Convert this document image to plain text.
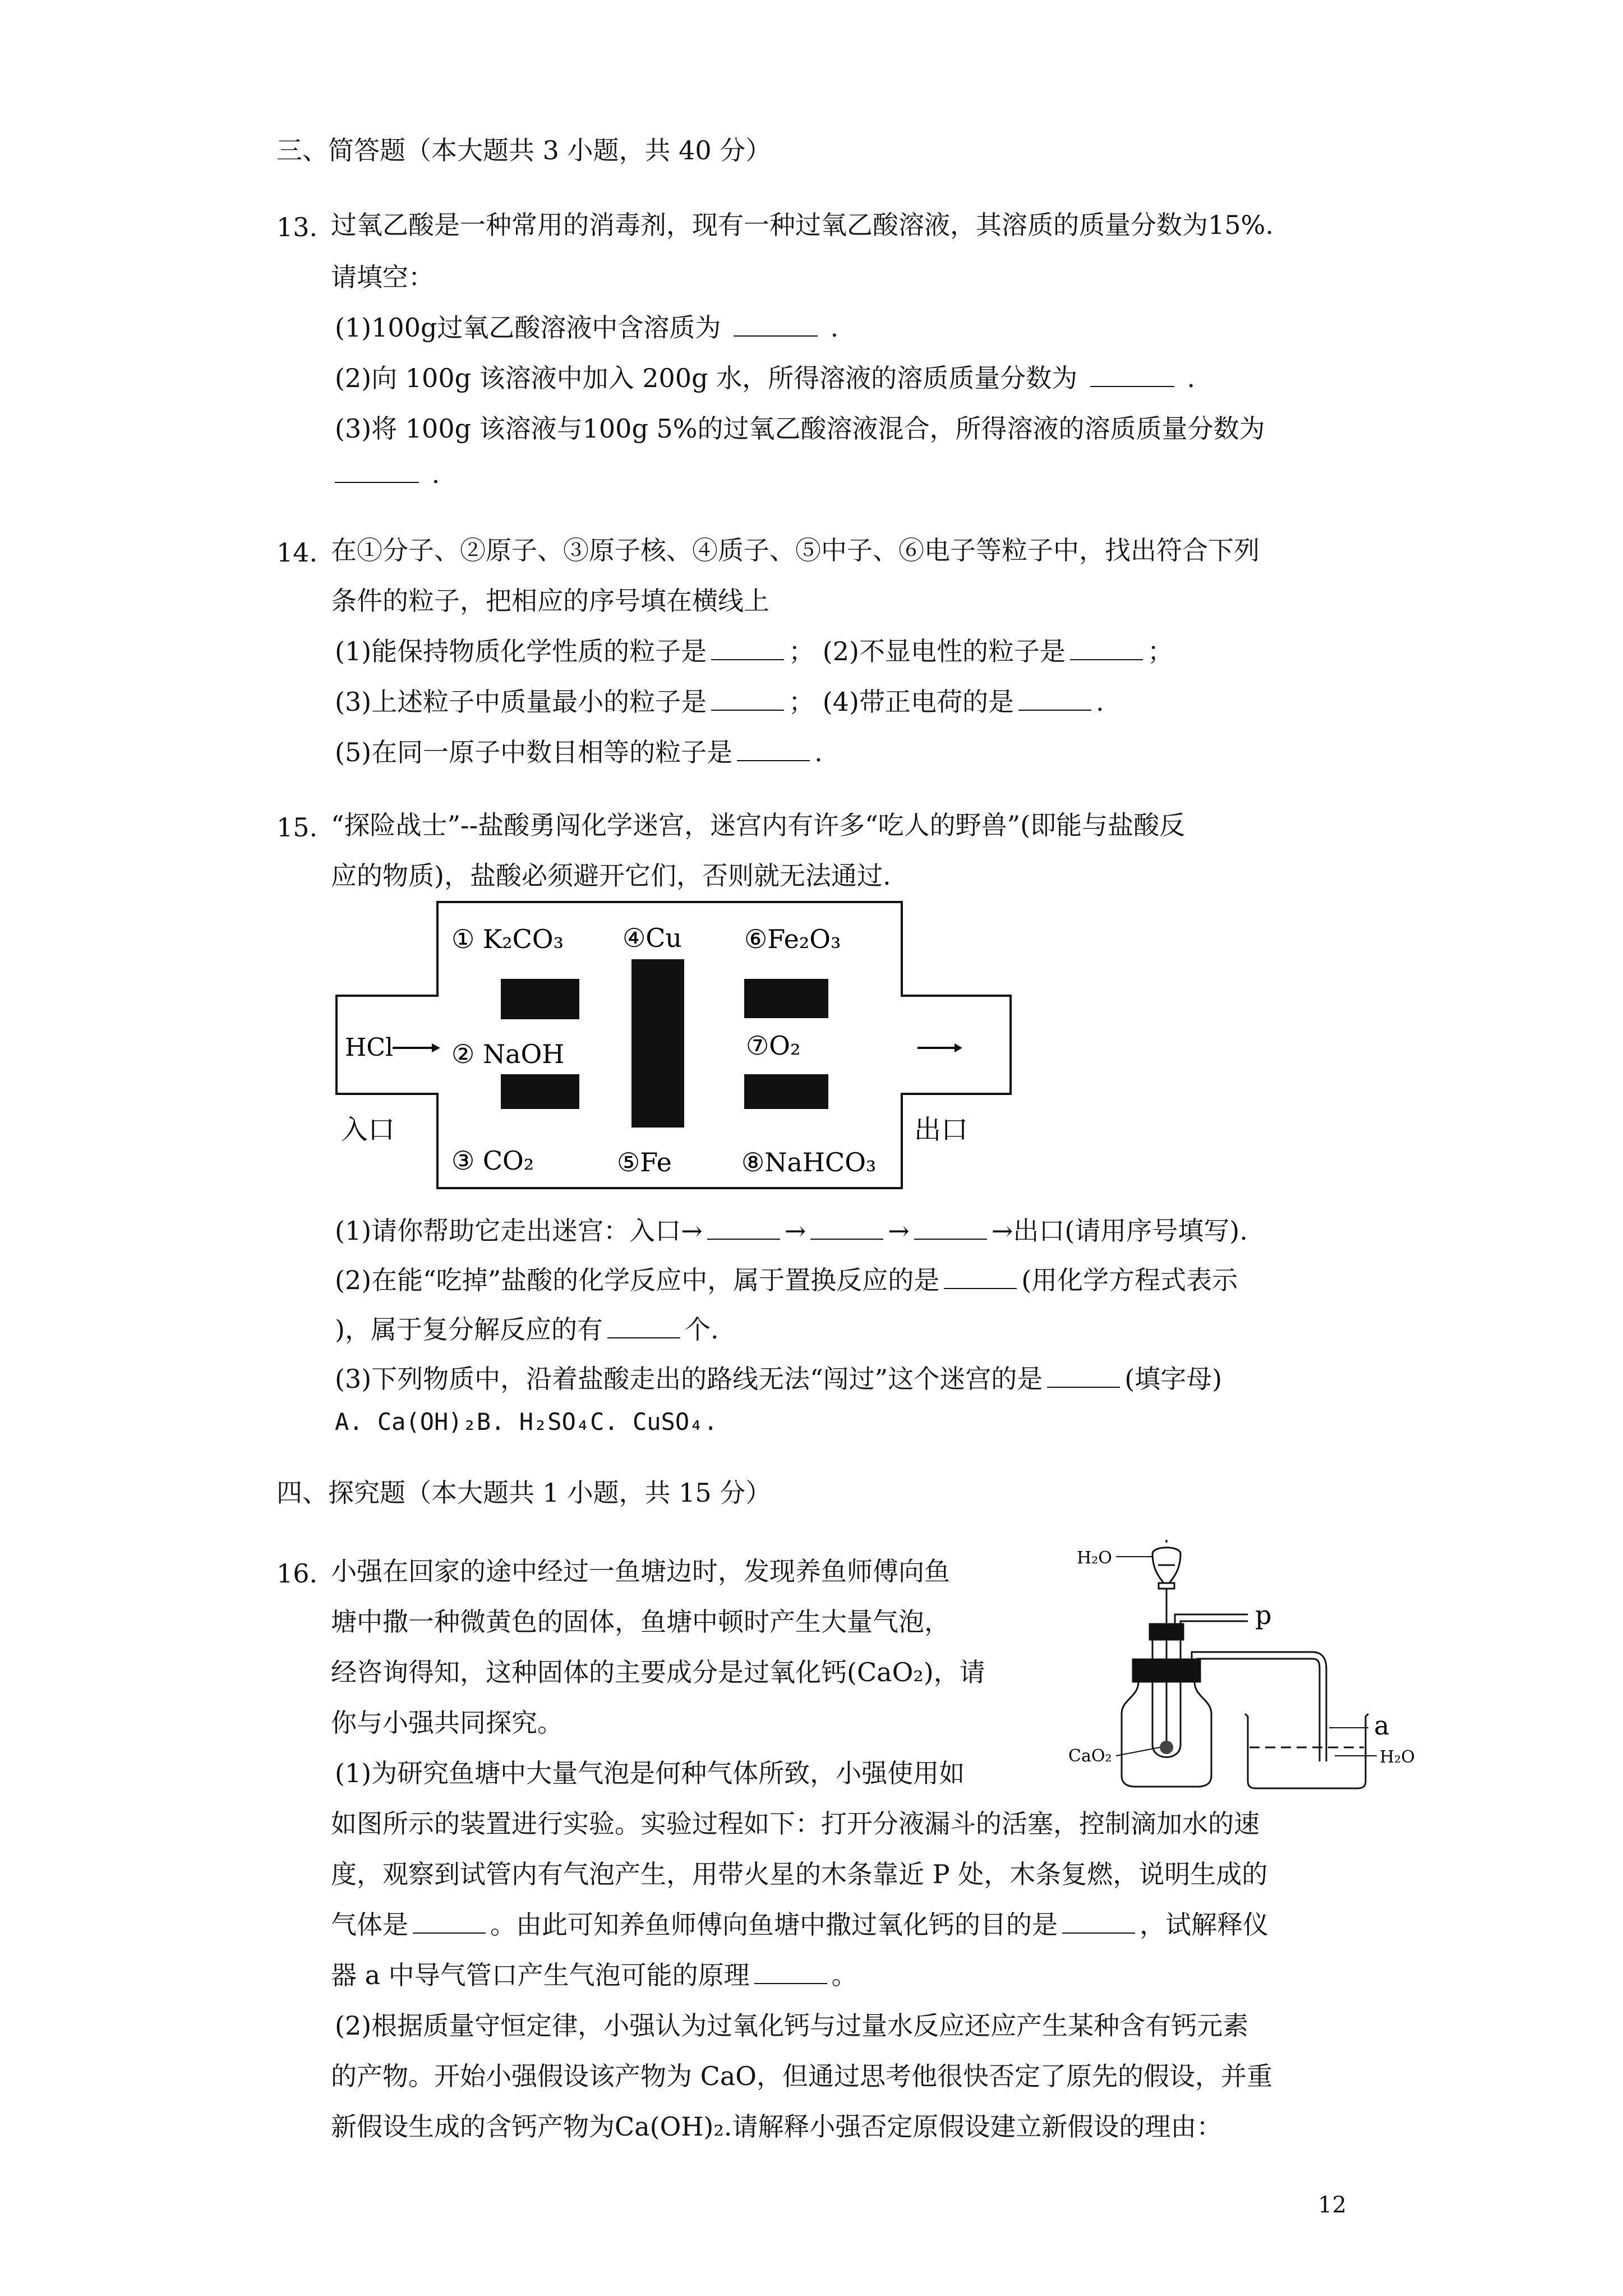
三、简答题（本大题共 3 小题，共 40 分）
13. 过氧乙酸是一种常用的消毒剂，现有一种过氧乙酸溶液，其溶质的质量分数为15%.
请填空：
(1)100g过氧乙酸溶液中含溶质为	.
(2)向 100g 该溶液中加入 200g 水，所得溶液的溶质质量分数为	.
(3)将 100g 该溶液与100g 5%的过氧乙酸溶液混合，所得溶液的溶质质量分数为
.
14. 在①分子、②原子、③原子核、④质子、⑤中子、⑥电子等粒子中，找出符合下列
条件的粒子，把相应的序号填在横线上
(1)能保持物质化学性质的粒子是	； (2)不显电性的粒子是	；
(3)上述粒子中质量最小的粒子是	； (4)带正电荷的是	.
(5)在同一原子中数目相等的粒子是	.
15. “探险战士”--盐酸勇闯化学迷宫，迷宫内有许多“吃人的野兽”(即能与盐酸反
应的物质)，盐酸必须避开它们，否则就无法通过.
① K₂CO₃ ④Cu ⑥Fe₂O₃
② NaOH	⑦O₂
③ CO₂	⑤Fe	⑧NaHCO₃
HCl
入口	出口
(1)请你帮助它走出迷宫：入口→	→	→	→出口(请用序号填写).
(2)在能“吃掉”盐酸的化学反应中，属于置换反应的是	(用化学方程式表示
)，属于复分解反应的有	个.
(3)下列物质中，沿着盐酸走出的路线无法“闯过”这个迷宫的是	(填字母)
A. Ca(OH)₂B. H₂SO₄C. CuSO₄.
四、探究题（本大题共 1 小题，共 15 分）
16. 小强在回家的途中经过一鱼塘边时，发现养鱼师傅向鱼
塘中撒一种微黄色的固体，鱼塘中顿时产生大量气泡，
经咨询得知，这种固体的主要成分是过氧化钙(CaO₂)，请
你与小强共同探究。
(1)为研究鱼塘中大量气泡是何种气体所致，小强使用如
如图所示的装置进行实验。实验过程如下：打开分液漏斗的活塞，控制滴加水的速
度，观察到试管内有气泡产生，用带火星的木条靠近 P 处，木条复燃，说明生成的
气体是	。由此可知养鱼师傅向鱼塘中撒过氧化钙的目的是	，试解释仪
器 a 中导气管口产生气泡可能的原理	。
(2)根据质量守恒定律，小强认为过氧化钙与过量水反应还应产生某种含有钙元素
的产物。开始小强假设该产物为 CaO，但通过思考他很快否定了原先的假设，并重
新假设生成的含钙产物为Ca(OH)₂.请解释小强否定原假设建立新假设的理由：
H₂O
p
CaO₂
a
H₂O
12
